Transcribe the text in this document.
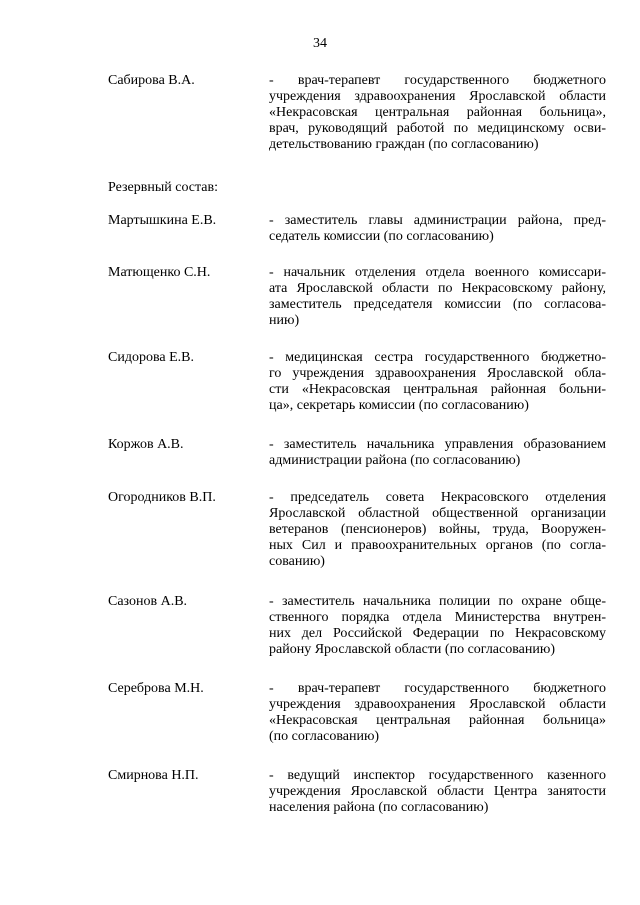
34
Сабирова В.А.	- врач-терапевт государственного бюджетного
учреждения здравоохранения Ярославской области
«Некрасовская центральная районная больница»,
врач, руководящий работой по медицинскому осви-
детельствованию граждан (по согласованию)
Резервный состав:
Мартышкина Е.В.	- заместитель главы администрации района, пред-
седатель комиссии (по согласованию)
Матющенко С.Н.	- начальник отделения отдела военного комиссари-
ата Ярославской области по Некрасовскому району,
заместитель председателя комиссии (по согласова-
нию)
Сидорова Е.В.	- медицинская сестра государственного бюджетно-
го учреждения здравоохранения Ярославской обла-
сти «Некрасовская центральная районная больни-
ца», секретарь комиссии (по согласованию)
Коржов А.В.	- заместитель начальника управления образованием
администрации района (по согласованию)
Огородников В.П.	- председатель совета Некрасовского отделения
Ярославской областной общественной организации
ветеранов (пенсионеров) войны, труда, Вооружен-
ных Сил и правоохранительных органов (по согла-
сованию)
Сазонов А.В.	- заместитель начальника полиции по охране обще-
ственного порядка отдела Министерства внутрен-
них дел Российской Федерации по Некрасовскому
району Ярославской области (по согласованию)
Сереброва М.Н.	- врач-терапевт государственного бюджетного
учреждения здравоохранения Ярославской области
«Некрасовская центральная районная больница»
(по согласованию)
Смирнова Н.П.	- ведущий инспектор государственного казенного
учреждения Ярославской области Центра занятости
населения района (по согласованию)
